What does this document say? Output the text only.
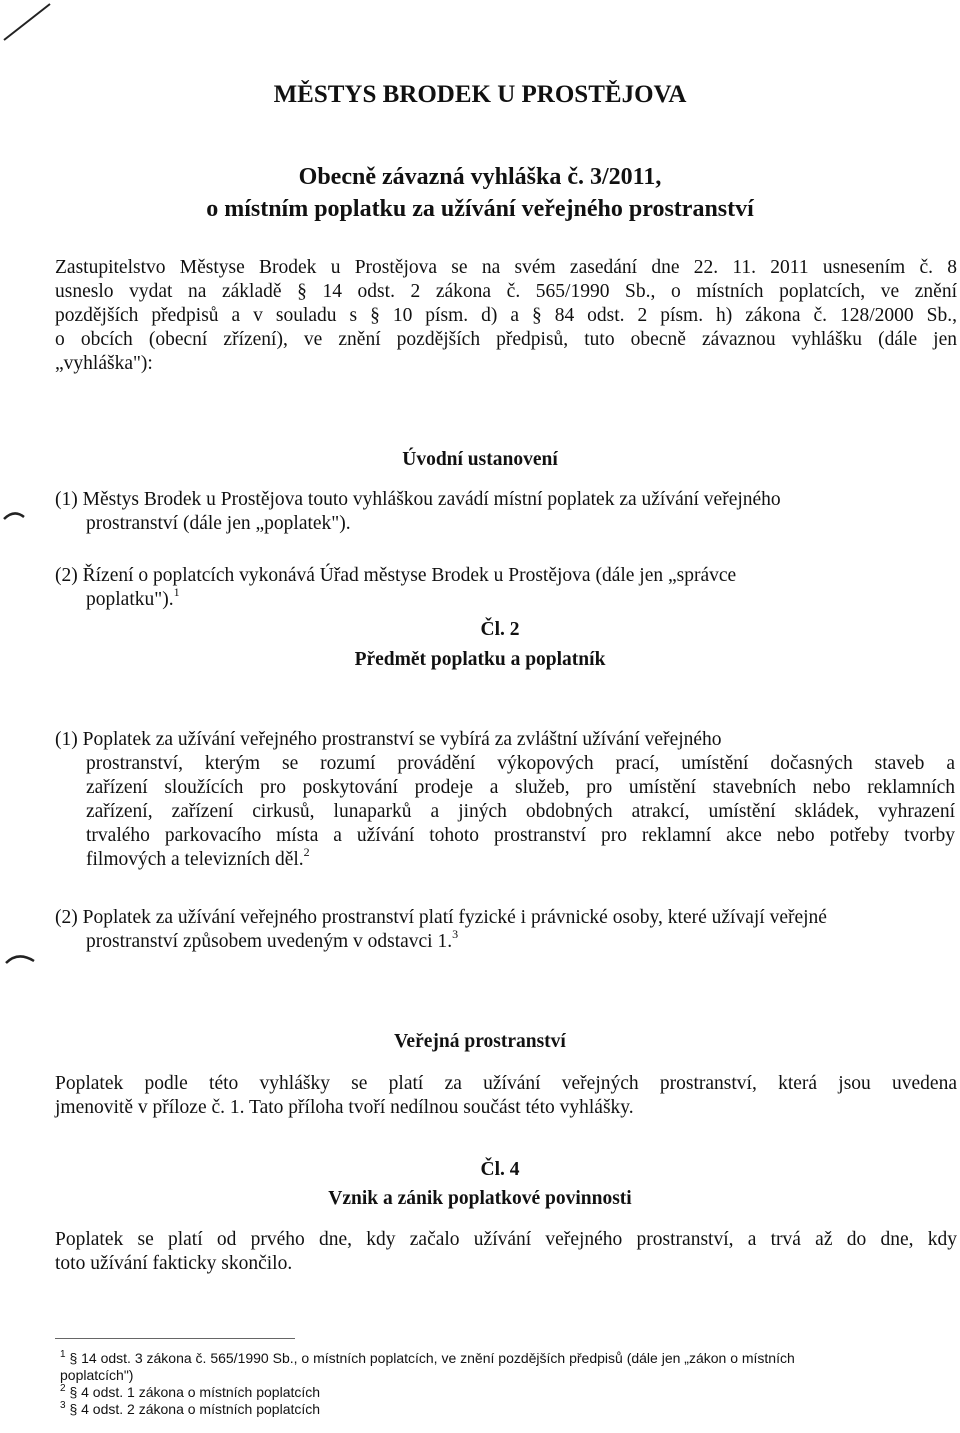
MĚSTYS BRODEK U PROSTĚJOVA
Obecně závazná vyhláška č. 3/2011,
o místním poplatku za užívání veřejného prostranství
Zastupitelstvo Městyse Brodek u Prostějova se na svém zasedání dne 22. 11. 2011 usnesením č. 8
usneslo vydat na základě § 14 odst. 2 zákona č. 565/1990 Sb., o místních poplatcích, ve znění
pozdějších předpisů a v souladu s § 10 písm. d) a § 84 odst. 2 písm. h) zákona č. 128/2000 Sb.,
o obcích (obecní zřízení), ve znění pozdějších předpisů, tuto obecně závaznou vyhlášku (dále jen
„vyhláška"):
Úvodní ustanovení
(1) Městys Brodek u Prostějova touto vyhláškou zavádí místní poplatek za užívání veřejného
prostranství (dále jen „poplatek").
(2) Řízení o poplatcích vykonává Úřad městyse Brodek u Prostějova (dále jen „správce
poplatku").$^1$
Čl. 2
Předmět poplatku a poplatník
(1) Poplatek za užívání veřejného prostranství se vybírá za zvláštní užívání veřejného
prostranství, kterým se rozumí provádění výkopových prací, umístění dočasných staveb a
zařízení sloužících pro poskytování prodeje a služeb, pro umístění stavebních nebo reklamních
zařízení, zařízení cirkusů, lunaparků a jiných obdobných atrakcí, umístění skládek, vyhrazení
trvalého parkovacího místa a užívání tohoto prostranství pro reklamní akce nebo potřeby tvorby
filmových a televizních děl.$^2$
(2) Poplatek za užívání veřejného prostranství platí fyzické i právnické osoby, které užívají veřejné
prostranství způsobem uvedeným v odstavci 1.$^3$
Veřejná prostranství
Poplatek podle této vyhlášky se platí za užívání veřejných prostranství, která jsou uvedena
jmenovitě v příloze č. 1. Tato příloha tvoří nedílnou součást této vyhlášky.
Čl. 4
Vznik a zánik poplatkové povinnosti
Poplatek se platí od prvého dne, kdy začalo užívání veřejného prostranství, a trvá až do dne, kdy
toto užívání fakticky skončilo.
$^1$ § 14 odst. 3 zákona č. 565/1990 Sb., o místních poplatcích, ve znění pozdějších předpisů (dále jen „zákon o místních
poplatcích")
$^2$ § 4 odst. 1 zákona o místních poplatcích
$^3$ § 4 odst. 2 zákona o místních poplatcích
